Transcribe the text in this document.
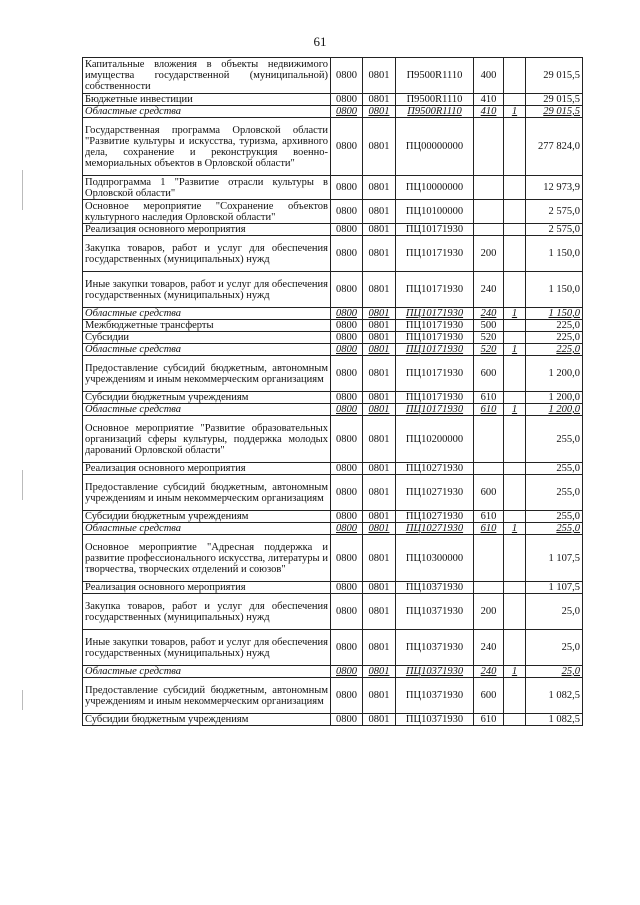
61
Капитальные вложения в объекты недвижимого имущества государственной (муниципальной) собственности	0800	0801	П9500R1110	400		29 015,5
Бюджетные инвестиции	0800	0801	П9500R1110	410		29 015,5
Областные средства	0800	0801	П9500R1110	410	1	29 015,5
Государственная программа Орловской области "Развитие культуры и искусства, туризма, архивного дела, сохранение и реконструкция военно-мемориальных объектов в Орловской области"	0800	0801	ПЦ00000000			277 824,0
Подпрограмма 1 "Развитие отрасли культуры в Орловской области"	0800	0801	ПЦ10000000			12 973,9
Основное мероприятие "Сохранение объектов культурного наследия Орловской области"	0800	0801	ПЦ10100000			2 575,0
Реализация основного мероприятия	0800	0801	ПЦ10171930			2 575,0
Закупка товаров, работ и услуг для обеспечения государственных (муниципальных) нужд	0800	0801	ПЦ10171930	200		1 150,0
Иные закупки товаров, работ и услуг для обеспечения государственных (муниципальных) нужд	0800	0801	ПЦ10171930	240		1 150,0
Областные средства	0800	0801	ПЦ10171930	240	1	1 150,0
Межбюджетные трансферты	0800	0801	ПЦ10171930	500		225,0
Субсидии	0800	0801	ПЦ10171930	520		225,0
Областные средства	0800	0801	ПЦ10171930	520	1	225,0
Предоставление субсидий бюджетным, автономным учреждениям и иным некоммерческим организациям	0800	0801	ПЦ10171930	600		1 200,0
Субсидии бюджетным учреждениям	0800	0801	ПЦ10171930	610		1 200,0
Областные средства	0800	0801	ПЦ10171930	610	1	1 200,0
Основное мероприятие "Развитие образовательных организаций сферы культуры, поддержка молодых дарований Орловской области"	0800	0801	ПЦ10200000			255,0
Реализация основного мероприятия	0800	0801	ПЦ10271930			255,0
Предоставление субсидий бюджетным, автономным учреждениям и иным некоммерческим организациям	0800	0801	ПЦ10271930	600		255,0
Субсидии бюджетным учреждениям	0800	0801	ПЦ10271930	610		255,0
Областные средства	0800	0801	ПЦ10271930	610	1	255,0
Основное мероприятие "Адресная поддержка и развитие профессионального искусства, литературы и творчества, творческих отделений и союзов"	0800	0801	ПЦ10300000			1 107,5
Реализация основного мероприятия	0800	0801	ПЦ10371930			1 107,5
Закупка товаров, работ и услуг для обеспечения государственных (муниципальных) нужд	0800	0801	ПЦ10371930	200		25,0
Иные закупки товаров, работ и услуг для обеспечения государственных (муниципальных) нужд	0800	0801	ПЦ10371930	240		25,0
Областные средства	0800	0801	ПЦ10371930	240	1	25,0
Предоставление субсидий бюджетным, автономным учреждениям и иным некоммерческим организациям	0800	0801	ПЦ10371930	600		1 082,5
Субсидии бюджетным учреждениям	0800	0801	ПЦ10371930	610		1 082,5
